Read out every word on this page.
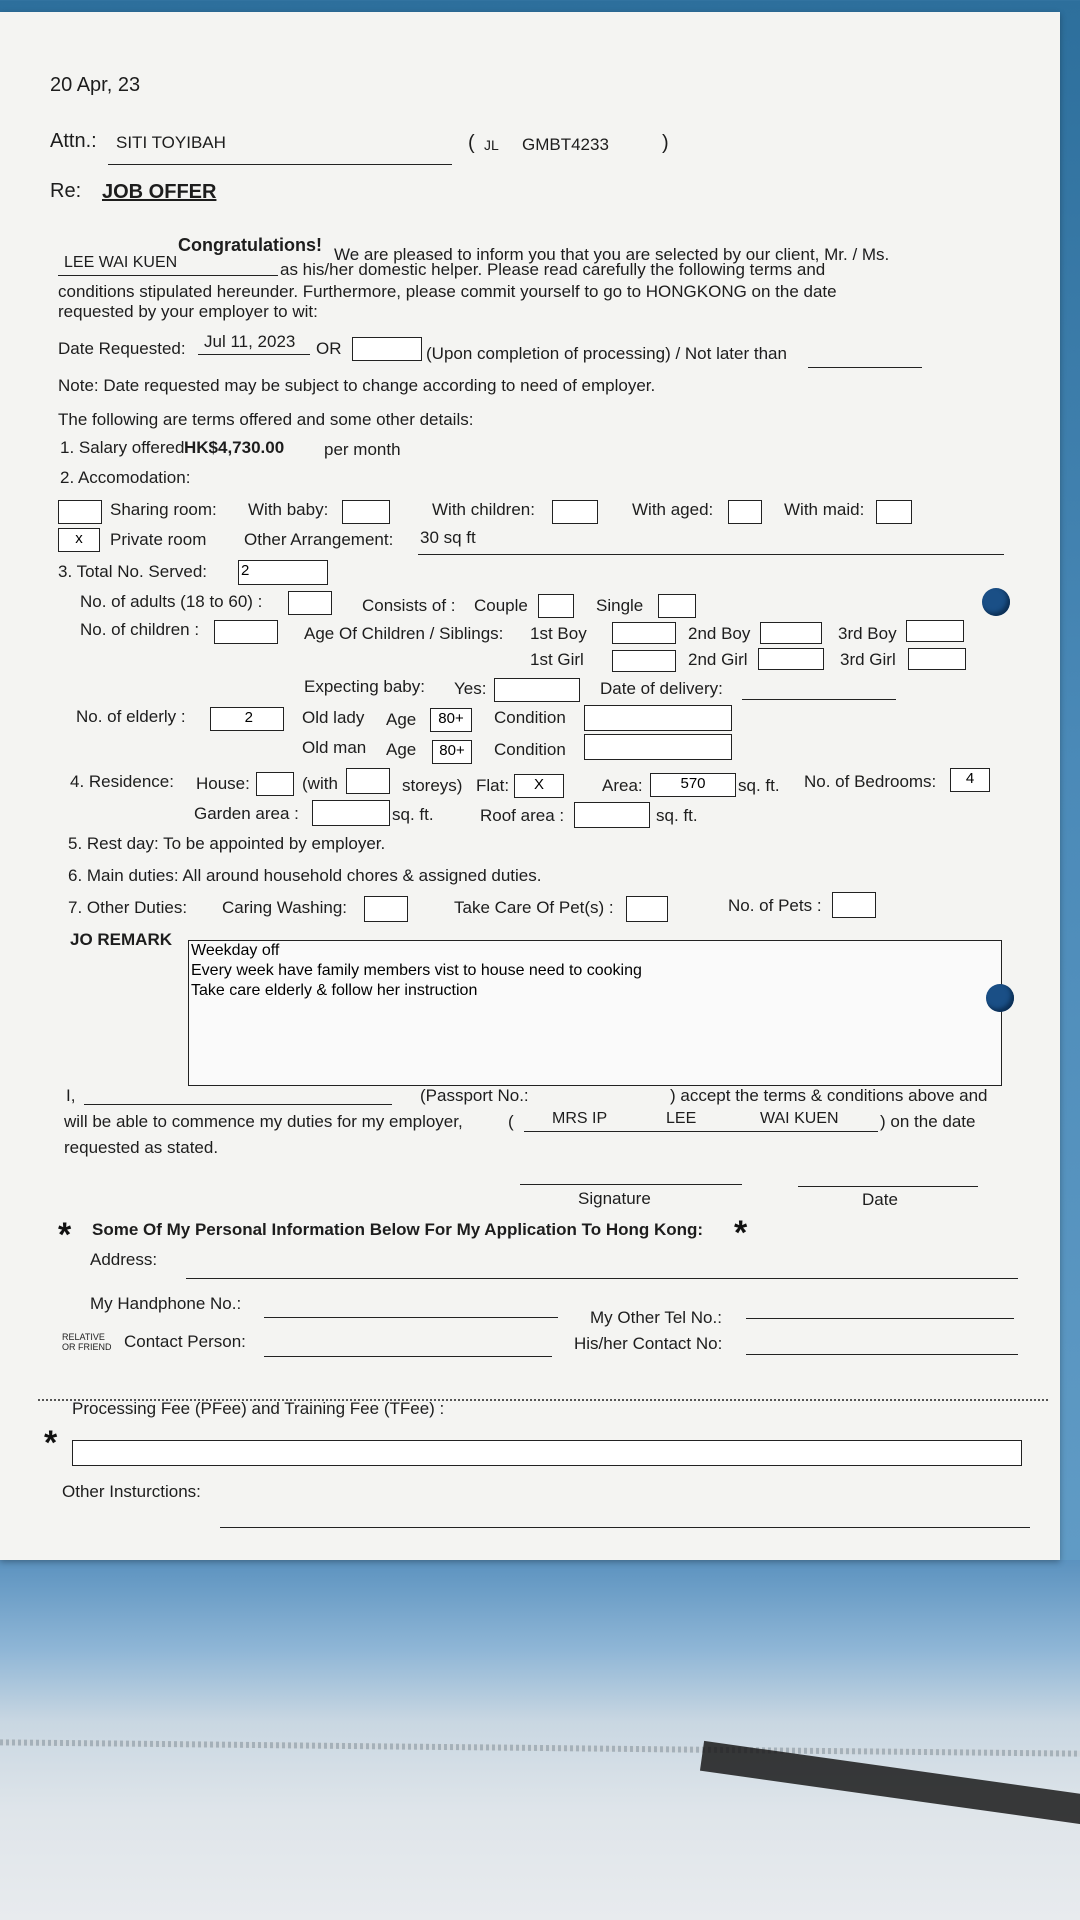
20 Apr, 23
Attn.: SITI TOYIBAH	( JL GMBT4233	)
Re: JOB OFFER
Congratulations! We are pleased to inform you that you are selected by our client, Mr. / Ms.
LEE WAI KUEN	as his/her domestic helper. Please read carefully the following terms and
conditions stipulated hereunder. Furthermore, please commit yourself to go to HONGKONG on the date
requested by your employer to wit:
Date Requested: Jul 11, 2023 OR	(Upon completion of processing) / Not later than
Note: Date requested may be subject to change according to need of employer.
The following are terms offered and some other details:
1. Salary offered:
HK$4,730.00 per month
2. Accomodation:
Sharing room: With baby:	With children:	With aged:	With maid:
x	Private room Other Arrangement: 30 sq ft
3. Total No. Served: 2
No. of adults (18 to 60) :	Consists of : Couple	Single
No. of children :	Age Of Children / Siblings: 1st Boy	2nd Boy	3rd Boy
1st Girl	2nd Girl	3rd Girl
Expecting baby: Yes:	Date of delivery:
No. of elderly :	2	Old lady Age	80+	Condition
Old man Age	80+	Condition
4. Residence: House:	(with	storeys) Flat:	X	Area:	570	sq. ft. No. of Bedrooms:	4
Garden area :	sq. ft.	Roof area :	sq. ft.
5. Rest day: To be appointed by employer.
6. Main duties: All around household chores & assigned duties.
7. Other Duties: Caring Washing:	Take Care Of Pet(s) :	No. of Pets :
JO REMARK
Weekday off
Every week have family members vist to house need to cooking
Take care elderly & follow her instruction
I,	(Passport No.:	) accept the terms & conditions above and
will be able to commence my duties for my employer,	( MRS IP	LEE	WAI KUEN ) on the date
requested as stated.
Signature	Date
* Some Of My Personal Information Below For My Application To Hong Kong: *
Address:
My Handphone No.:
My Other Tel No.:
RELATIVE
OR FRIEND Contact Person:	His/her Contact No:
Processing Fee (PFee) and Training Fee (TFee) :
*
Other Insturctions:
